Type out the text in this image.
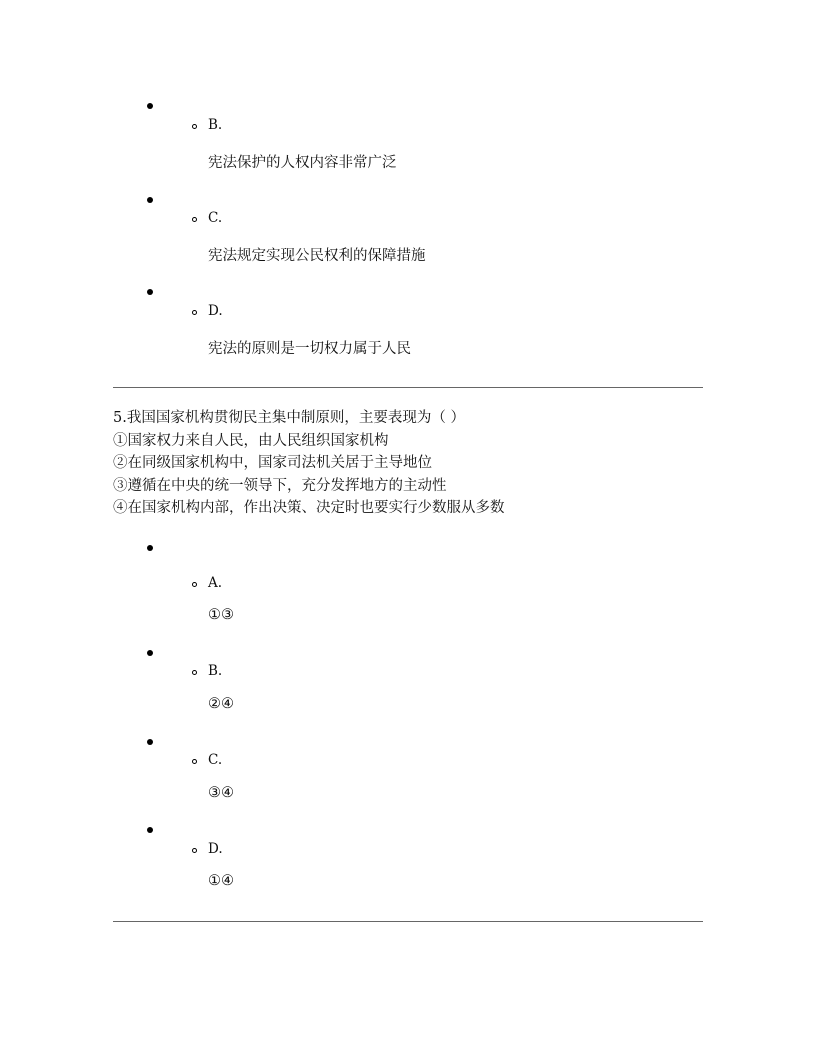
B.
宪法保护的人权内容非常广泛
C.
宪法规定实现公民权利的保障措施
D.
宪法的原则是一切权力属于人民
5.我国国家机构贯彻民主集中制原则，主要表现为（ ）
①国家权力来自人民，由人民组织国家机构
②在同级国家机构中，国家司法机关居于主导地位
③遵循在中央的统一领导下，充分发挥地方的主动性
④在国家机构内部，作出决策、决定时也要实行少数服从多数
A.
①③
B.
②④
C.
③④
D.
①④
